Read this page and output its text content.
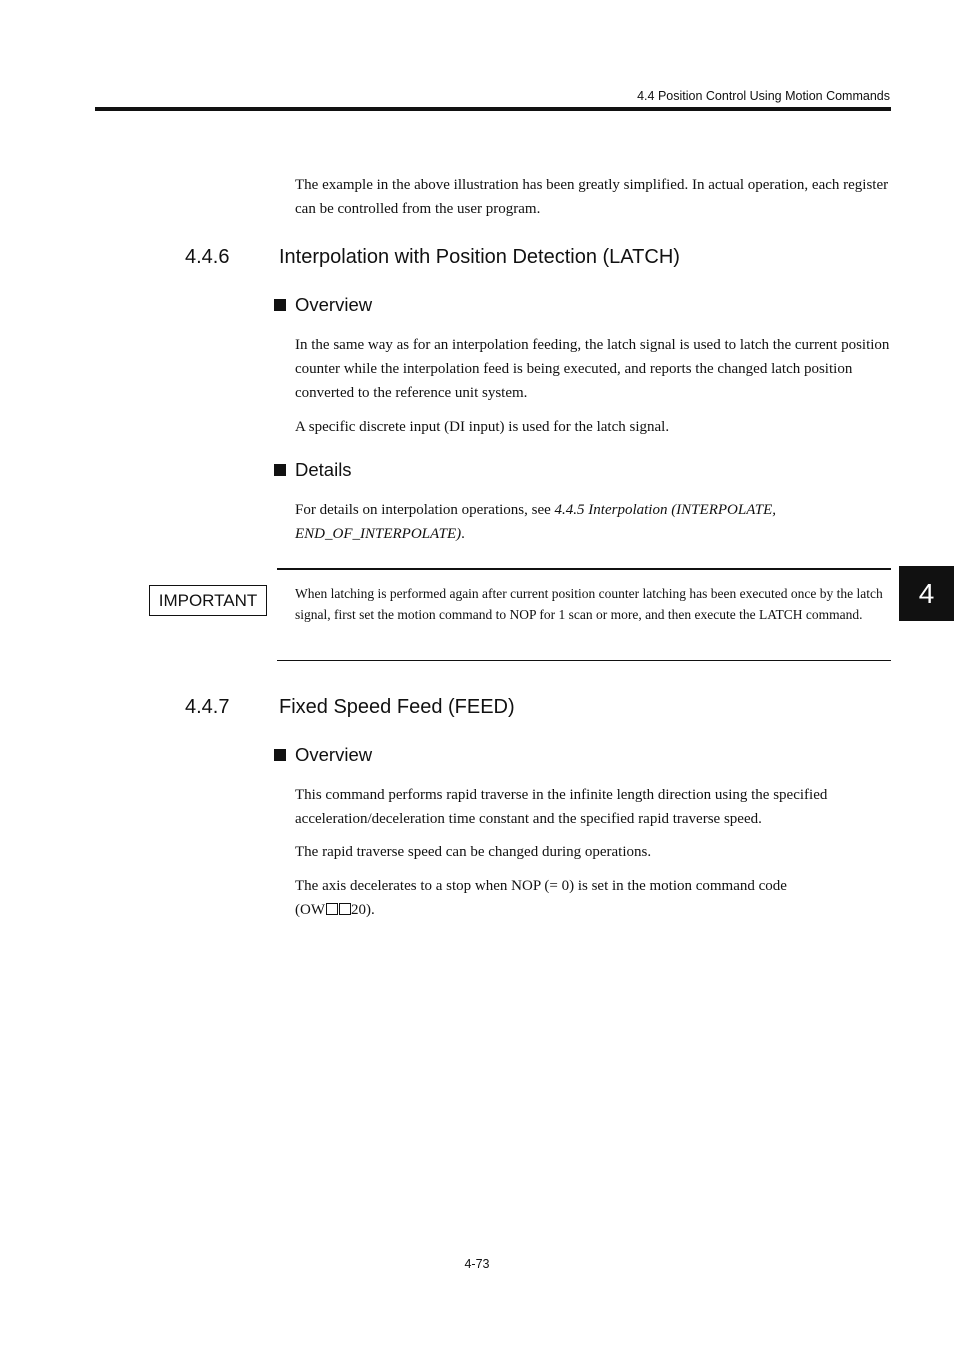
4.4 Position Control Using Motion Commands

The example in the above illustration has been greatly simplified. In actual operation, each register can be controlled from the user program.

4.4.6 Interpolation with Position Detection (LATCH)
Overview

In the same way as for an interpolation feeding, the latch signal is used to latch the current position counter while the interpolation feed is being executed, and reports the changed latch position converted to the reference unit system.

A specific discrete input (DI input) is used for the latch signal.

Details

For details on interpolation operations, see 4.4.5 Interpolation (INTERPOLATE, END_OF_INTERPOLATE).

IMPORTANT	When latching is performed again after current position counter latching has been executed once by the latch signal, first set the motion command to NOP for 1 scan or more, and then execute the LATCH command.

4
4.4.7 Fixed Speed Feed (FEED)
Overview

This command performs rapid traverse in the infinite length direction using the specified acceleration/deceleration time constant and the specified rapid traverse speed.

The rapid traverse speed can be changed during operations.

The axis decelerates to a stop when NOP (= 0) is set in the motion command code
(OW 20).

4-73
